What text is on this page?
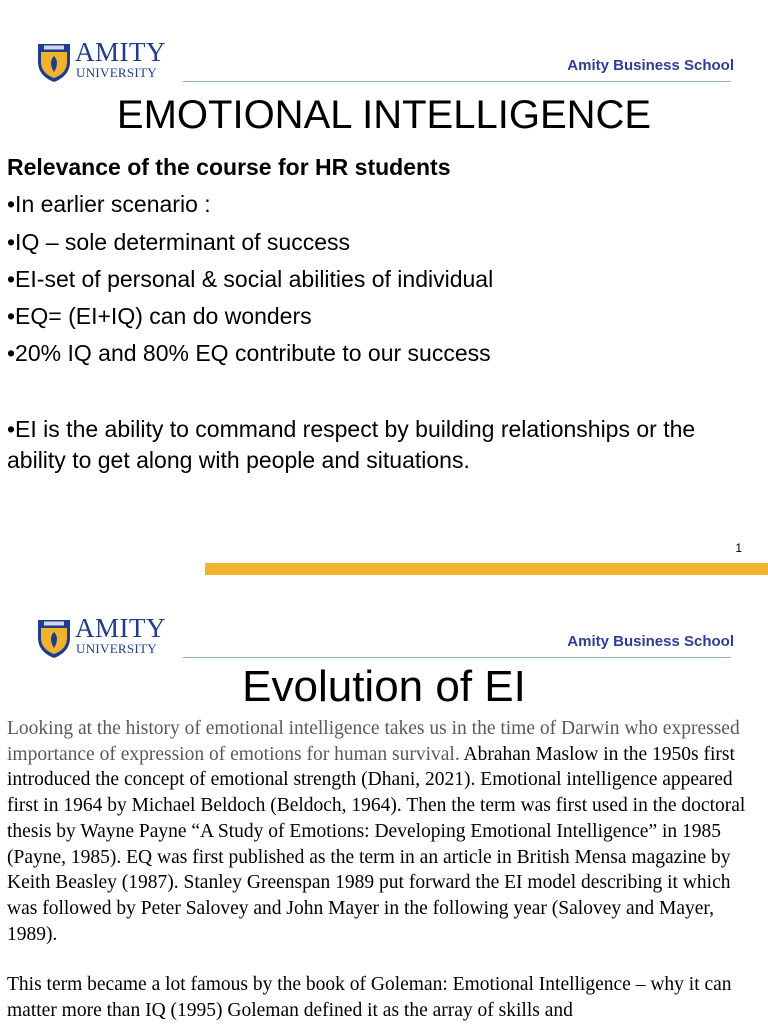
AMITY
UNIVERSITY	Amity Business School
EMOTIONAL INTELLIGENCE
Relevance of the course for HR students
•In earlier scenario :
•IQ – sole determinant of success
•EI-set of personal & social abilities of individual
•EQ= (EI+IQ) can do wonders
•20% IQ and 80% EQ contribute to our success
•EI is the ability to command respect by building relationships or the ability to get along with people and situations.
1
AMITY
UNIVERSITY	Amity Business School
Evolution of EI

Looking at the history of emotional intelligence takes us in the time of Darwin who expressed importance of expression of emotions for human survival. Abrahan Maslow in the 1950s first introduced the concept of emotional strength (Dhani, 2021). Emotional intelligence appeared first in 1964 by Michael Beldoch (Beldoch, 1964). Then the term was first used in the doctoral thesis by Wayne Payne “A Study of Emotions: Developing Emotional Intelligence” in 1985 (Payne, 1985). EQ was first published as the term in an article in British Mensa magazine by Keith Beasley (1987). Stanley Greenspan 1989 put forward the EI model describing it which was followed by Peter Salovey and John Mayer in the following year (Salovey and Mayer, 1989).

This term became a lot famous by the book of Goleman: Emotional Intelligence – why it can matter more than IQ (1995) Goleman defined it as the array of skills and
